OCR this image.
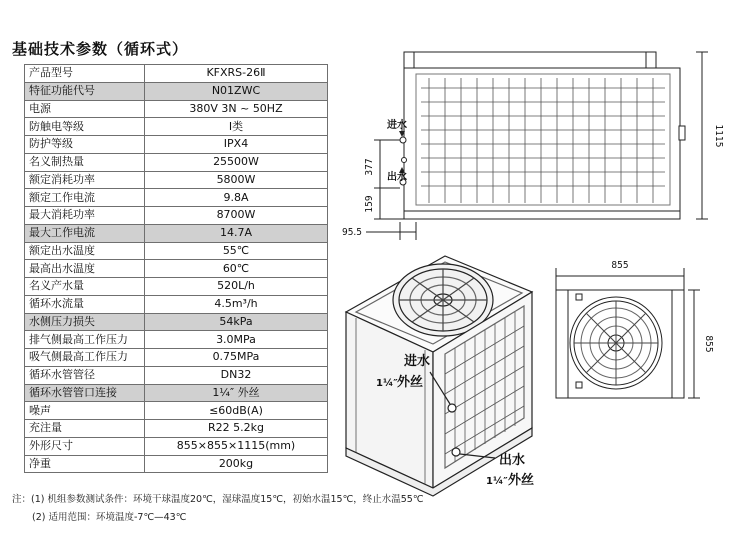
基础技术参数（循环式）
产品型号	KFXRS-26Ⅱ
特征功能代号	N01ZWC
电源	380V 3N ~ 50HZ
防触电等级	Ⅰ类
防护等级	IPX4
名义制热量	25500W
额定消耗功率	5800W
额定工作电流	9.8A
最大消耗功率	8700W
最大工作电流	14.7A
额定出水温度	55℃
最高出水温度	60℃
名义产水量	520L/h
循环水流量	4.5m³/h
水侧压力损失	54kPa
排气侧最高工作压力	3.0MPa
吸气侧最高工作压力	0.75MPa
循环水管管径	DN32
循环水管管口连接	1¼″ 外丝
噪声	≤60dB(A)
充注量	R22 5.2kg
外形尺寸	855×855×1115(mm)
净重	200kg
注：(1) 机组参数测试条件：环境干球温度20℃，湿球温度15℃，初始水温15℃，终止水温55℃
(2) 适用范围：环境温度-7℃—43℃
377
159
95.5
1115
进水
出水
855
855
进水
1¼″ 外丝
出水
1¼″ 外丝
